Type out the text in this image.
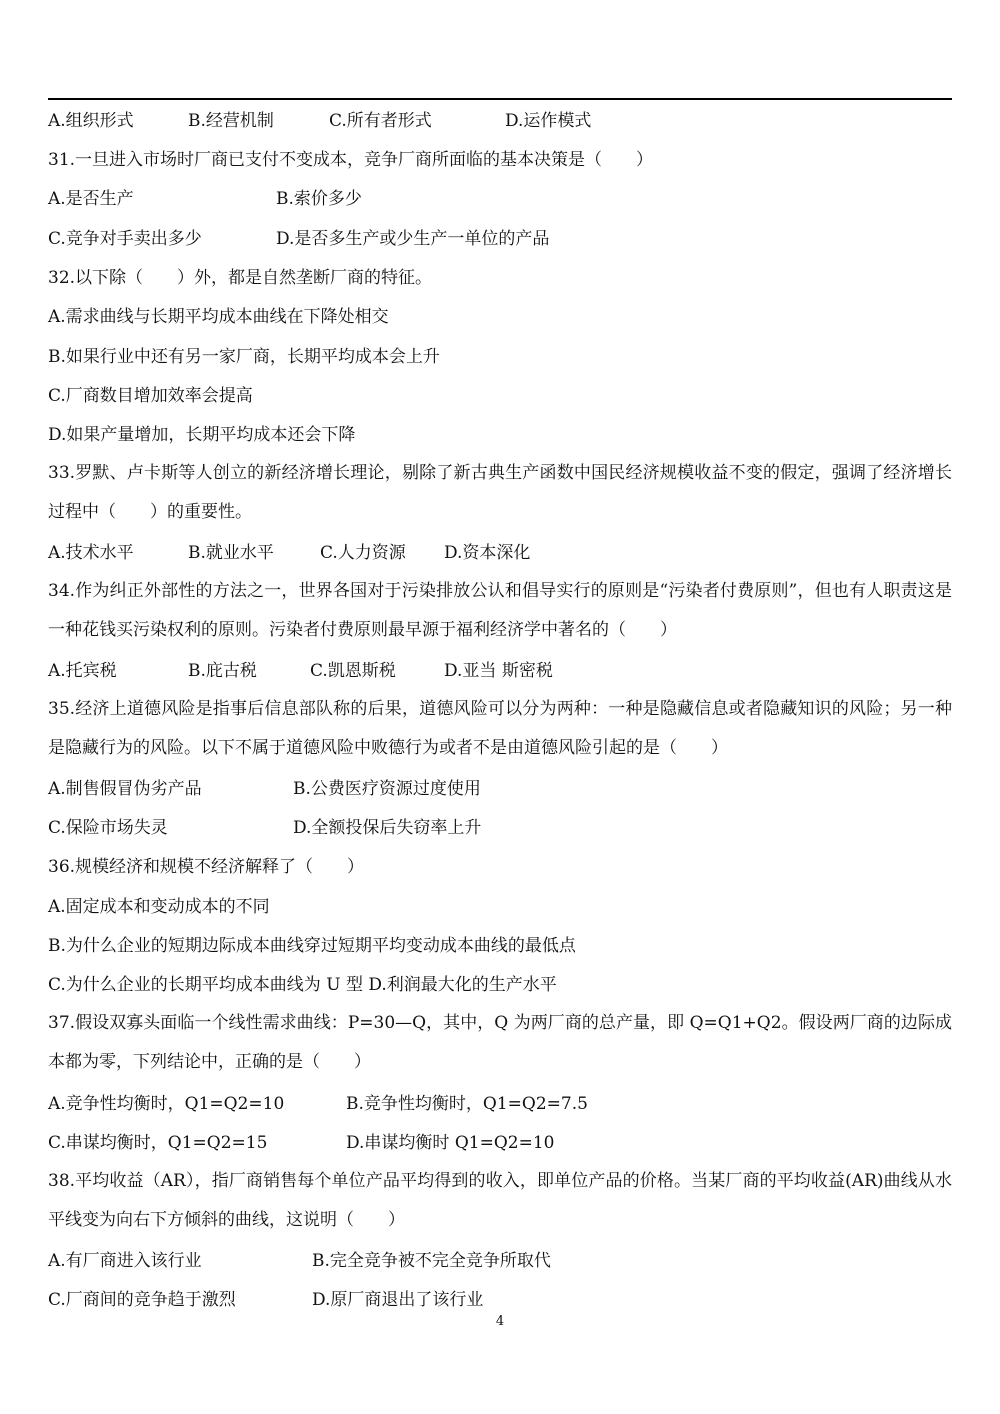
A.组织形式	B.经营机制	C.所有者形式	D.运作模式
31.一旦进入市场时厂商已支付不变成本，竞争厂商所面临的基本决策是（　　）
A.是否生产	B.索价多少
C.竞争对手卖出多少	D.是否多生产或少生产一单位的产品
32.以下除（　　）外，都是自然垄断厂商的特征。
A.需求曲线与长期平均成本曲线在下降处相交
B.如果行业中还有另一家厂商，长期平均成本会上升
C.厂商数目增加效率会提高
D.如果产量增加，长期平均成本还会下降
33.罗默、卢卡斯等人创立的新经济增长理论，剔除了新古典生产函数中国民经济规模收益不变的假定，强调了经济增长过程中（　　）的重要性。
A.技术水平	B.就业水平	C.人力资源 D.资本深化
34.作为纠正外部性的方法之一，世界各国对于污染排放公认和倡导实行的原则是“污染者付费原则”，但也有人职责这是一种花钱买污染权利的原则。污染者付费原则最早源于福利经济学中著名的（　　）
A.托宾税	B.庇古税	C.凯恩斯税	D.亚当 斯密税
35.经济上道德风险是指事后信息部队称的后果，道德风险可以分为两种：一种是隐藏信息或者隐藏知识的风险；另一种是隐藏行为的风险。以下不属于道德风险中败德行为或者不是由道德风险引起的是（　　）
A.制售假冒伪劣产品	B.公费医疗资源过度使用
C.保险市场失灵	D.全额投保后失窃率上升
36.规模经济和规模不经济解释了（　　）
A.固定成本和变动成本的不同
B.为什么企业的短期边际成本曲线穿过短期平均变动成本曲线的最低点
C.为什么企业的长期平均成本曲线为 U 型 D.利润最大化的生产水平
37.假设双寡头面临一个线性需求曲线：P=30—Q，其中，Q 为两厂商的总产量，即 Q=Q1+Q2。假设两厂商的边际成本都为零，下列结论中，正确的是（　　）
A.竞争性均衡时，Q1=Q2=10	B.竞争性均衡时，Q1=Q2=7.5
C.串谋均衡时，Q1=Q2=15	D.串谋均衡时 Q1=Q2=10
38.平均收益（AR），指厂商销售每个单位产品平均得到的收入，即单位产品的价格。当某厂商的平均收益(AR)曲线从水平线变为向右下方倾斜的曲线，这说明（　　）
A.有厂商进入该行业	B.完全竞争被不完全竞争所取代
C.厂商间的竞争趋于激烈	D.原厂商退出了该行业
4
